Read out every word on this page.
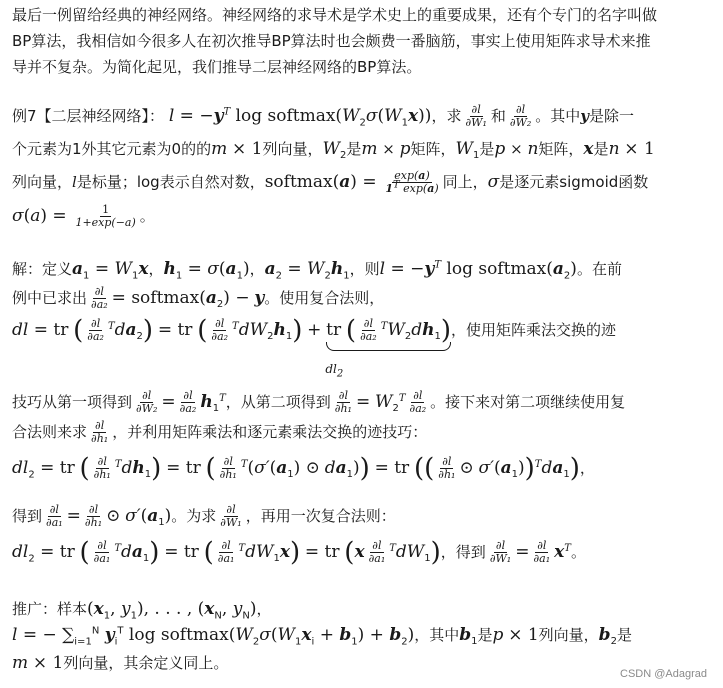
最后一例留给经典的神经网络。神经网络的求导术是学术史上的重要成果，还有个专门的名字叫做
BP算法，我相信如今很多人在初次推导BP算法时也会颇费一番脑筋，事实上使用矩阵求导术来推
导并不复杂。为简化起见，我们推导二层神经网络的BP算法。
例7【二层神经网络】： $l = -y^T$ $\log softmax(W_2\sigma(W_1x))$，求 $\frac{\partial l}{\text{∂W₁}}$ 和 $\frac{\partial l}{\text{∂W₂}}$ 。其中y是除一
个元素为1外其它元素为0的的m × 1列向量，$W_2$是m × p矩阵，$W_1$是p × n矩阵，x是n × 1
列向量，l是标量；log表示自然对数，softmax(a) = $\frac{\exp(a)}{1^T \exp(a)}$ 同上，σ是逐元素sigmoid函数
$\sigma(a) = \frac{1}{1+\exp(-a)}$ 。
解：定义$a_1 = W_1x$，$h_1 = \sigma(a_1)$，$a_2 = W_2h_1$，则$l = -y^T$ $\log softmax(a_2)$。在前
例中已求出 $\frac{\partial l}{\text{∂a₂}}$ = $softmax(a_2) - y$。使用复合法则，
dl = tr ( $\frac{\partial l}{\text{∂a₂}} ^Tda_2$) = tr ( $\frac{\partial l}{\text{∂a₂}} ^TdW_2h_1$) + tr ( $\frac{\partial l}{\text{∂a₂}} ^TW_2dh_1$)
，使用矩阵乘法交换的迹
$dl_2$
技巧从第一项得到 $\frac{\partial l}{\text{∂W₂}} = \frac{\partial l}{\text{∂a₂}} h_1^T$，从第二项得到 $\frac{\partial l}{\text{∂h₁}} = W_2^T \frac{\partial l}{\text{∂a₂}}$ 。接下来对第二项继续使用复
合法则来求 $\frac{\partial l}{\text{∂h₁}}$ ，并利用矩阵乘法和逐元素乘法交换的迹技巧：
$dl_2$ = tr ( $\frac{\partial l}{\text{∂h₁}} ^Tdh_1$) = tr ( $\frac{\partial l}{\text{∂h₁}} ^T(\sigma'(a_1)$ ⊙ $da_1$)) = tr (( $\frac{\partial l}{\text{∂h₁}}$ ⊙ $\sigma'(a_1))^Tda_1$)，
得到 $\frac{\partial l}{\text{∂a₁}} = \frac{\partial l}{\text{∂h₁}}$ ⊙ $\sigma'(a_1)$。为求 $\frac{\partial l}{\text{∂W₁}}$ ，再用一次复合法则：
$dl_2$ = tr ( $\frac{\partial l}{\text{∂a₁}} ^Tda_1$) = tr ( $\frac{\partial l}{\text{∂a₁}} ^TdW_1x$) = tr $(x \frac{\partial l}{\text{∂a₁}} ^TdW_1)$，得到 $\frac{\partial l}{\text{∂W₁}} = \frac{\partial l}{\text{∂a₁}} x^T$。
推广：样本($x_1$, $y_1$), . . . , ($x_N$, $y_N$)，
l = − $\sum_{i=1}^N$ $y_i^T$ $\log softmax(W_2\sigma(W_1x_i + b_1) + b_2)$，其中$b_1$是p × 1列向量，$b_2$是
m × 1列向量，其余定义同上。
CSDN @Adagrad
